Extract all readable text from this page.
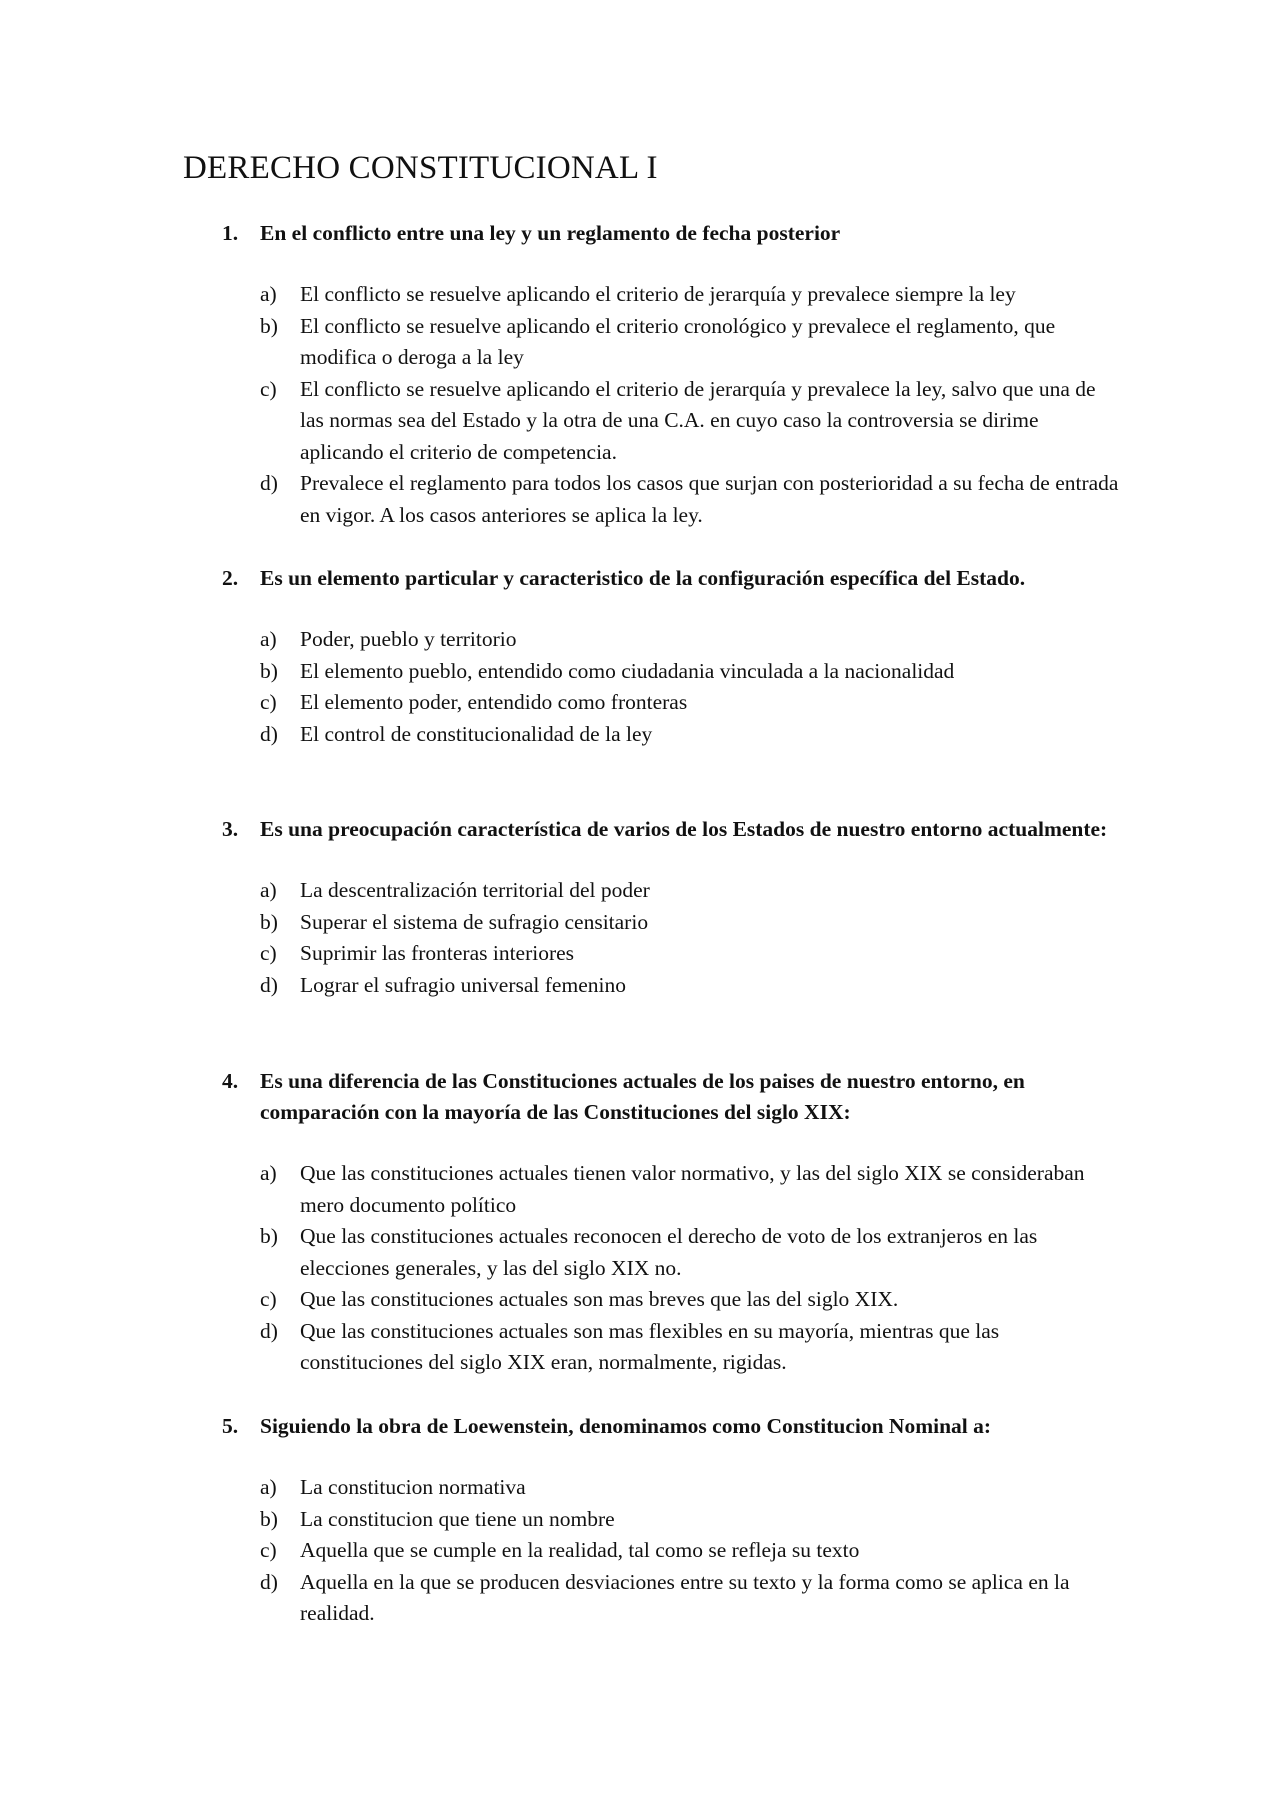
DERECHO CONSTITUCIONAL I
1. En el conflicto entre una ley y un reglamento de fecha posterior
a) El conflicto se resuelve aplicando el criterio de jerarquía y prevalece siempre la ley
b) El conflicto se resuelve aplicando el criterio cronológico y prevalece el reglamento, que modifica o deroga a la ley
c) El conflicto se resuelve aplicando el criterio de jerarquía y prevalece la ley, salvo que una de las normas sea del Estado y la otra de una C.A. en cuyo caso la controversia se dirime aplicando el criterio de competencia.
d) Prevalece el reglamento para todos los casos que surjan con posterioridad a su fecha de entrada en vigor. A los casos anteriores se aplica la ley.
2. Es un elemento particular y caracteristico de la configuración específica del Estado.
a) Poder, pueblo y territorio
b) El elemento pueblo, entendido como ciudadania vinculada a la nacionalidad
c) El elemento poder, entendido como fronteras
d) El control de constitucionalidad de la ley
3. Es una preocupación característica de varios de los Estados de nuestro entorno actualmente:
a) La descentralización territorial del poder
b) Superar el sistema de sufragio censitario
c) Suprimir las fronteras interiores
d) Lograr el sufragio universal femenino
4. Es una diferencia de las Constituciones actuales de los paises de nuestro entorno, en comparación con la mayoría de las Constituciones del siglo XIX:
a) Que las constituciones actuales tienen valor normativo, y las del siglo XIX se consideraban mero documento político
b) Que las constituciones actuales reconocen el derecho de voto de los extranjeros en las elecciones generales, y las del siglo XIX no.
c) Que las constituciones actuales son mas breves que las del siglo XIX.
d) Que las constituciones actuales son mas flexibles en su mayoría, mientras que las constituciones del siglo XIX eran, normalmente, rigidas.
5. Siguiendo la obra de Loewenstein, denominamos como Constitucion Nominal a:
a) La constitucion normativa
b) La constitucion que tiene un nombre
c) Aquella que se cumple en la realidad, tal como se refleja su texto
d) Aquella en la que se producen desviaciones entre su texto y la forma como se aplica en la realidad.
